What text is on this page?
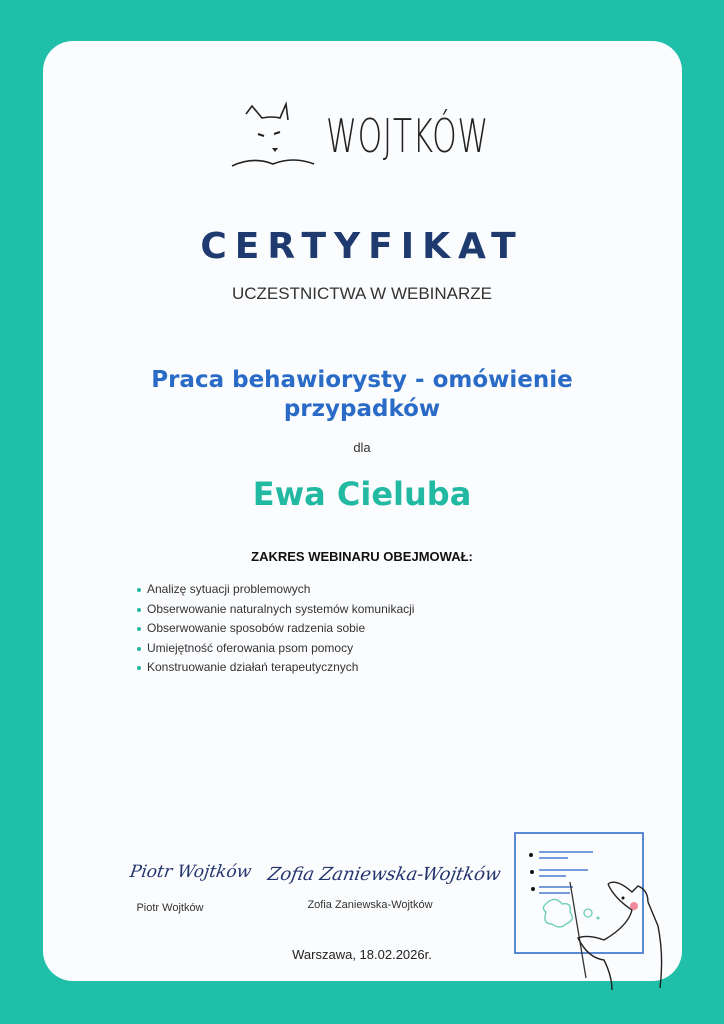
WOJTKÓW
CERTYFIKAT
UCZESTNICTWA W WEBINARZE
Praca behawiorysty - omówienie
przypadków
dla
Ewa Cieluba
ZAKRES WEBINARU OBEJMOWAŁ:
Analizę sytuacji problemowych
Obserwowanie naturalnych systemów komunikacji
Obserwowanie sposobów radzenia sobie
Umiejętność oferowania psom pomocy
Konstruowanie działań terapeutycznych
Piotr Wojtków
Piotr Wojtków
Zofia Zaniewska-Wojtków
Zofia Zaniewska-Wojtków
Warszawa, 18.02.2026r.
